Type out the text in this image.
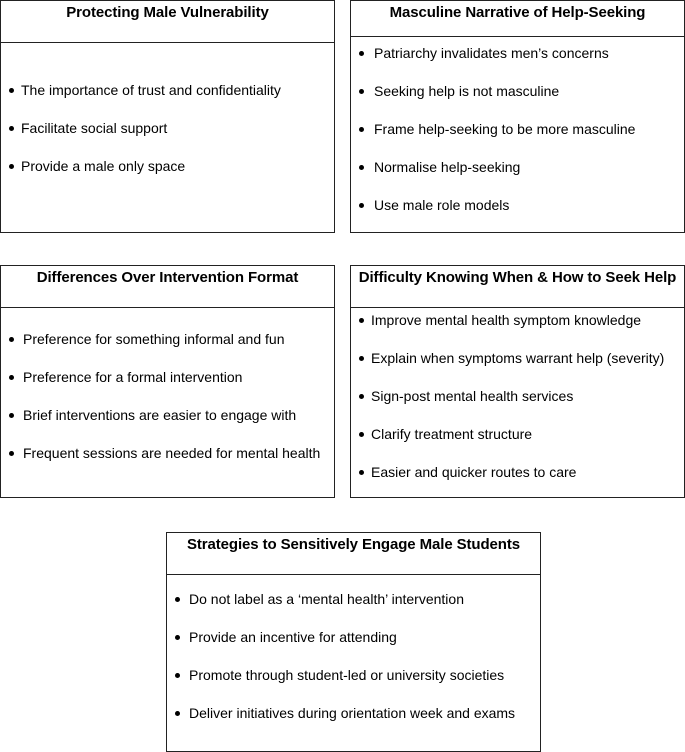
Protecting Male Vulnerability
The importance of trust and confidentiality
Facilitate social support
Provide a male only space
Masculine Narrative of Help-Seeking
Patriarchy invalidates men’s concerns
Seeking help is not masculine
Frame help-seeking to be more masculine
Normalise help-seeking
Use male role models
Differences Over Intervention Format
Preference for something informal and fun
Preference for a formal intervention
Brief interventions are easier to engage with
Frequent sessions are needed for mental health
Difficulty Knowing When & How to Seek Help
Improve mental health symptom knowledge
Explain when symptoms warrant help (severity)
Sign-post mental health services
Clarify treatment structure
Easier and quicker routes to care
Strategies to Sensitively Engage Male Students
Do not label as a ‘mental health’ intervention
Provide an incentive for attending
Promote through student-led or university societies
Deliver initiatives during orientation week and exams
